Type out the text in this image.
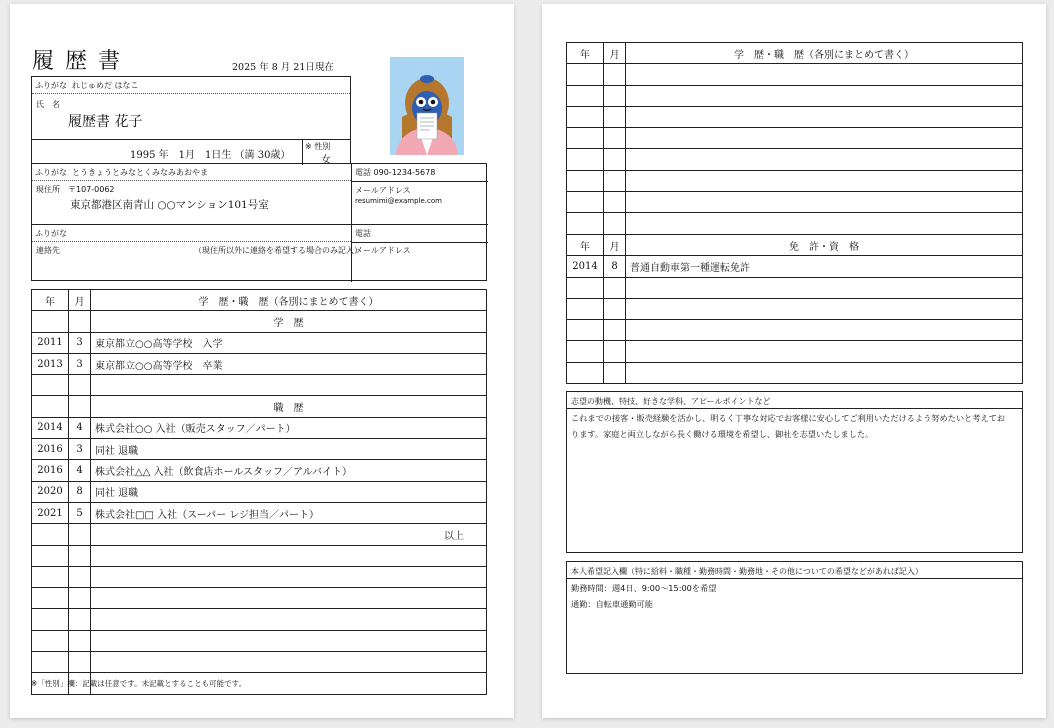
履 歴 書	2025 年 8 月 21日現在
ふりがな れじゅめだ はなこ
氏　名
履歴書 花子
1995 年　1月　1日生 （満 30歳）
※ 性別
女
ふりがな とうきょうとみなとくみなみあおやま	電話 090-1234-5678
現住所 〒107-0062
東京都港区南青山 ○○マンション101号室
メールアドレス
resumimi@example.com
ふりがな	電話
連絡先	（現住所以外に連絡を希望する場合のみ記入）
メールアドレス
年	月	学　歴・職　歴（各別にまとめて書く）
		学　歴
2011	3	東京都立○○高等学校　入学
2013	3	東京都立○○高等学校　卒業

		職　歴
2014	4	株式会社○○ 入社（販売スタッフ／パート）
2016	3	同社 退職
2016	4	株式会社△△ 入社（飲食店ホールスタッフ／アルバイト）
2020	8	同社 退職
2021	5	株式会社□□ 入社（スーパー レジ担当／パート）
		以上

※「性別」欄：記載は任意です。未記載とすることも可能です。
年	月	学　歴・職　歴（各別にまとめて書く）

年	月	免　許・資　格
2014	8	普通自動車第一種運転免許

志望の動機、特技、好きな学科、アピールポイントなど
これまでの接客・販売経験を活かし、明るく丁寧な対応でお客様に安心してご利用いただけるよう努めたいと考えてお
ります。家庭と両立しながら長く働ける環境を希望し、御社を志望いたしました。
本人希望記入欄（特に給料・職種・勤務時間・勤務地・その他についての希望などがあれば記入）
勤務時間：週4日、9:00～15:00を希望
通勤：自転車通勤可能
